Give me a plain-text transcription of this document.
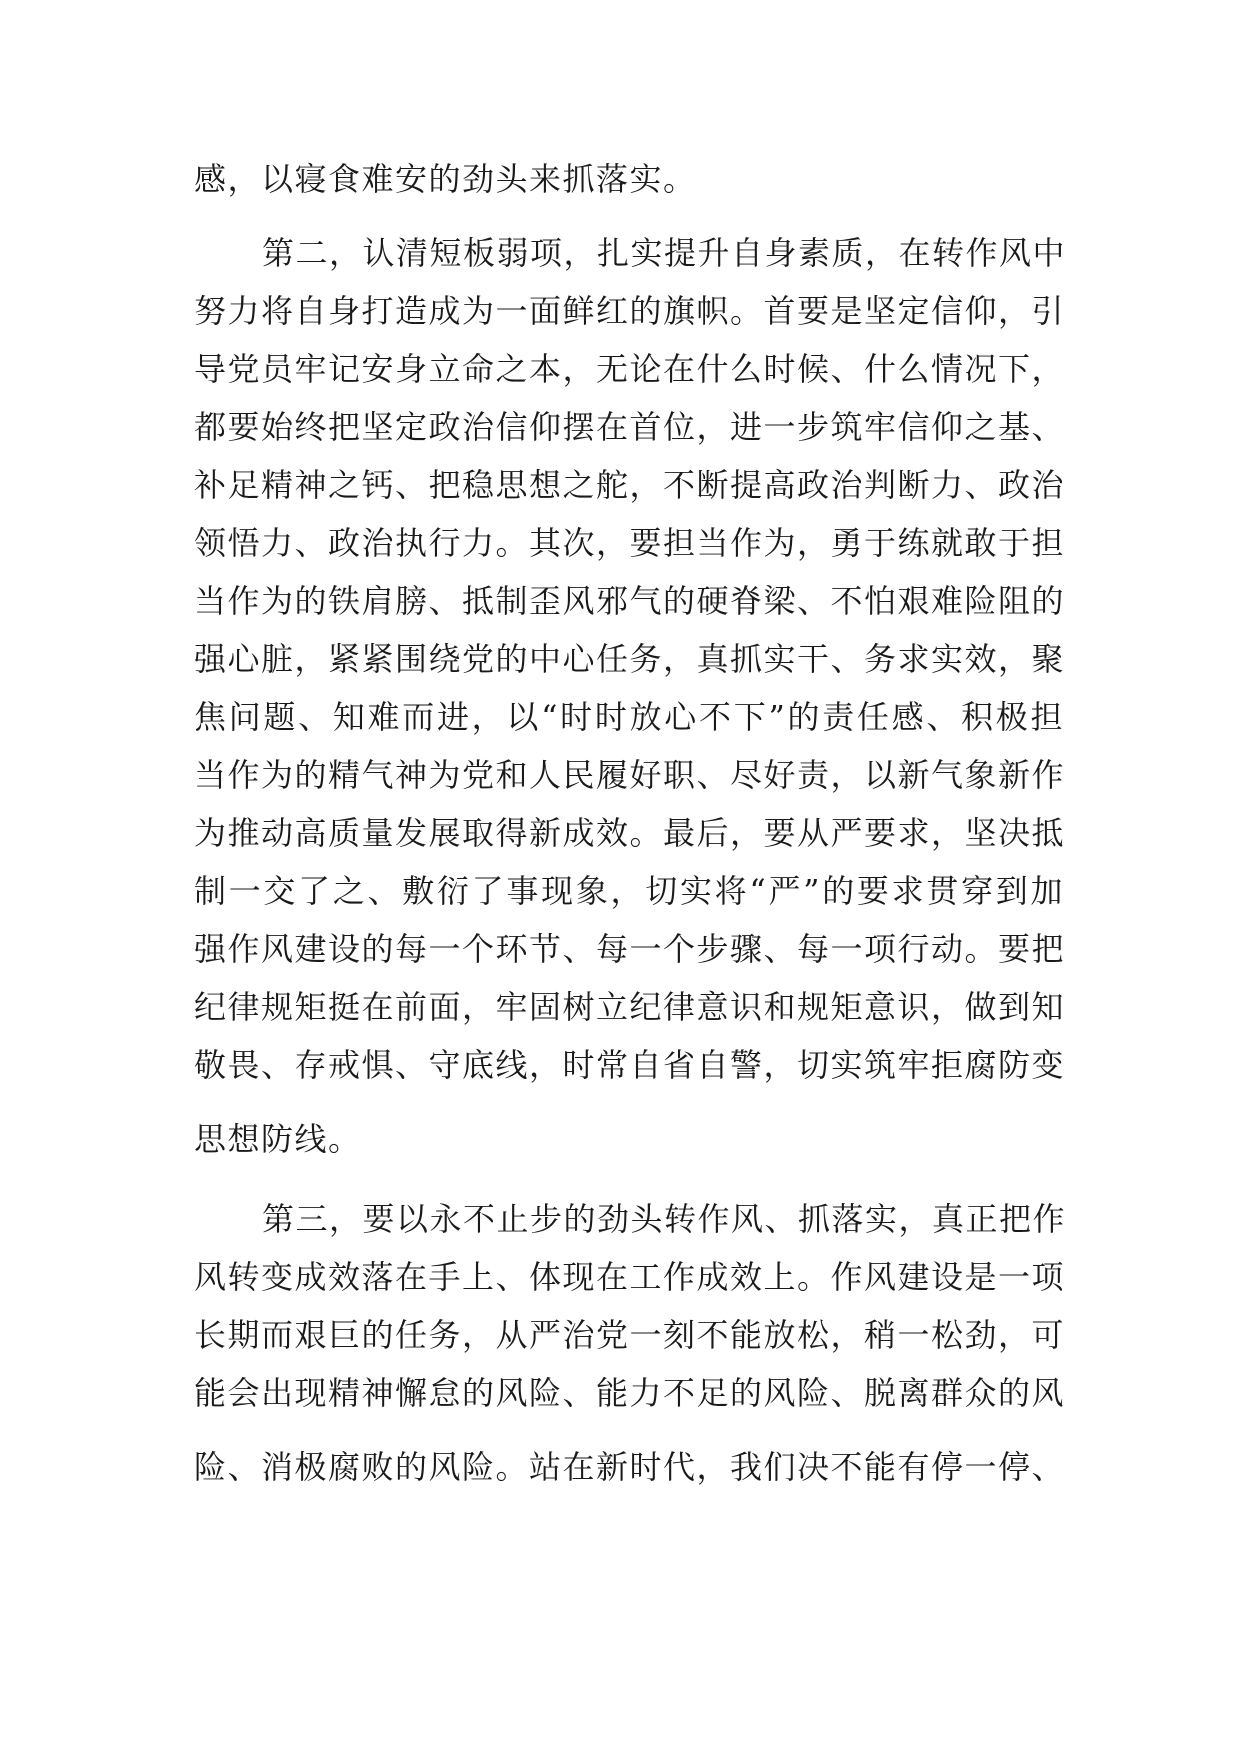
感，以寝食难安的劲头来抓落实。
第二，认清短板弱项，扎实提升自身素质，在转作风中
努力将自身打造成为一面鲜红的旗帜。首要是坚定信仰，引
导党员牢记安身立命之本，无论在什么时候、什么情况下，
都要始终把坚定政治信仰摆在首位，进一步筑牢信仰之基、
补足精神之钙、把稳思想之舵，不断提高政治判断力、政治
领悟力、政治执行力。其次，要担当作为，勇于练就敢于担
当作为的铁肩膀、抵制歪风邪气的硬脊梁、不怕艰难险阻的
强心脏，紧紧围绕党的中心任务，真抓实干、务求实效，聚
焦问题、知难而进，以“时时放心不下”的责任感、积极担
当作为的精气神为党和人民履好职、尽好责，以新气象新作
为推动高质量发展取得新成效。最后，要从严要求，坚决抵
制一交了之、敷衍了事现象，切实将“严”的要求贯穿到加
强作风建设的每一个环节、每一个步骤、每一项行动。要把
纪律规矩挺在前面，牢固树立纪律意识和规矩意识，做到知
敬畏、存戒惧、守底线，时常自省自警，切实筑牢拒腐防变
思想防线。
第三，要以永不止步的劲头转作风、抓落实，真正把作
风转变成效落在手上、体现在工作成效上。作风建设是一项
长期而艰巨的任务，从严治党一刻不能放松，稍一松劲，可
能会出现精神懈怠的风险、能力不足的风险、脱离群众的风
险、消极腐败的风险。站在新时代，我们决不能有停一停、
